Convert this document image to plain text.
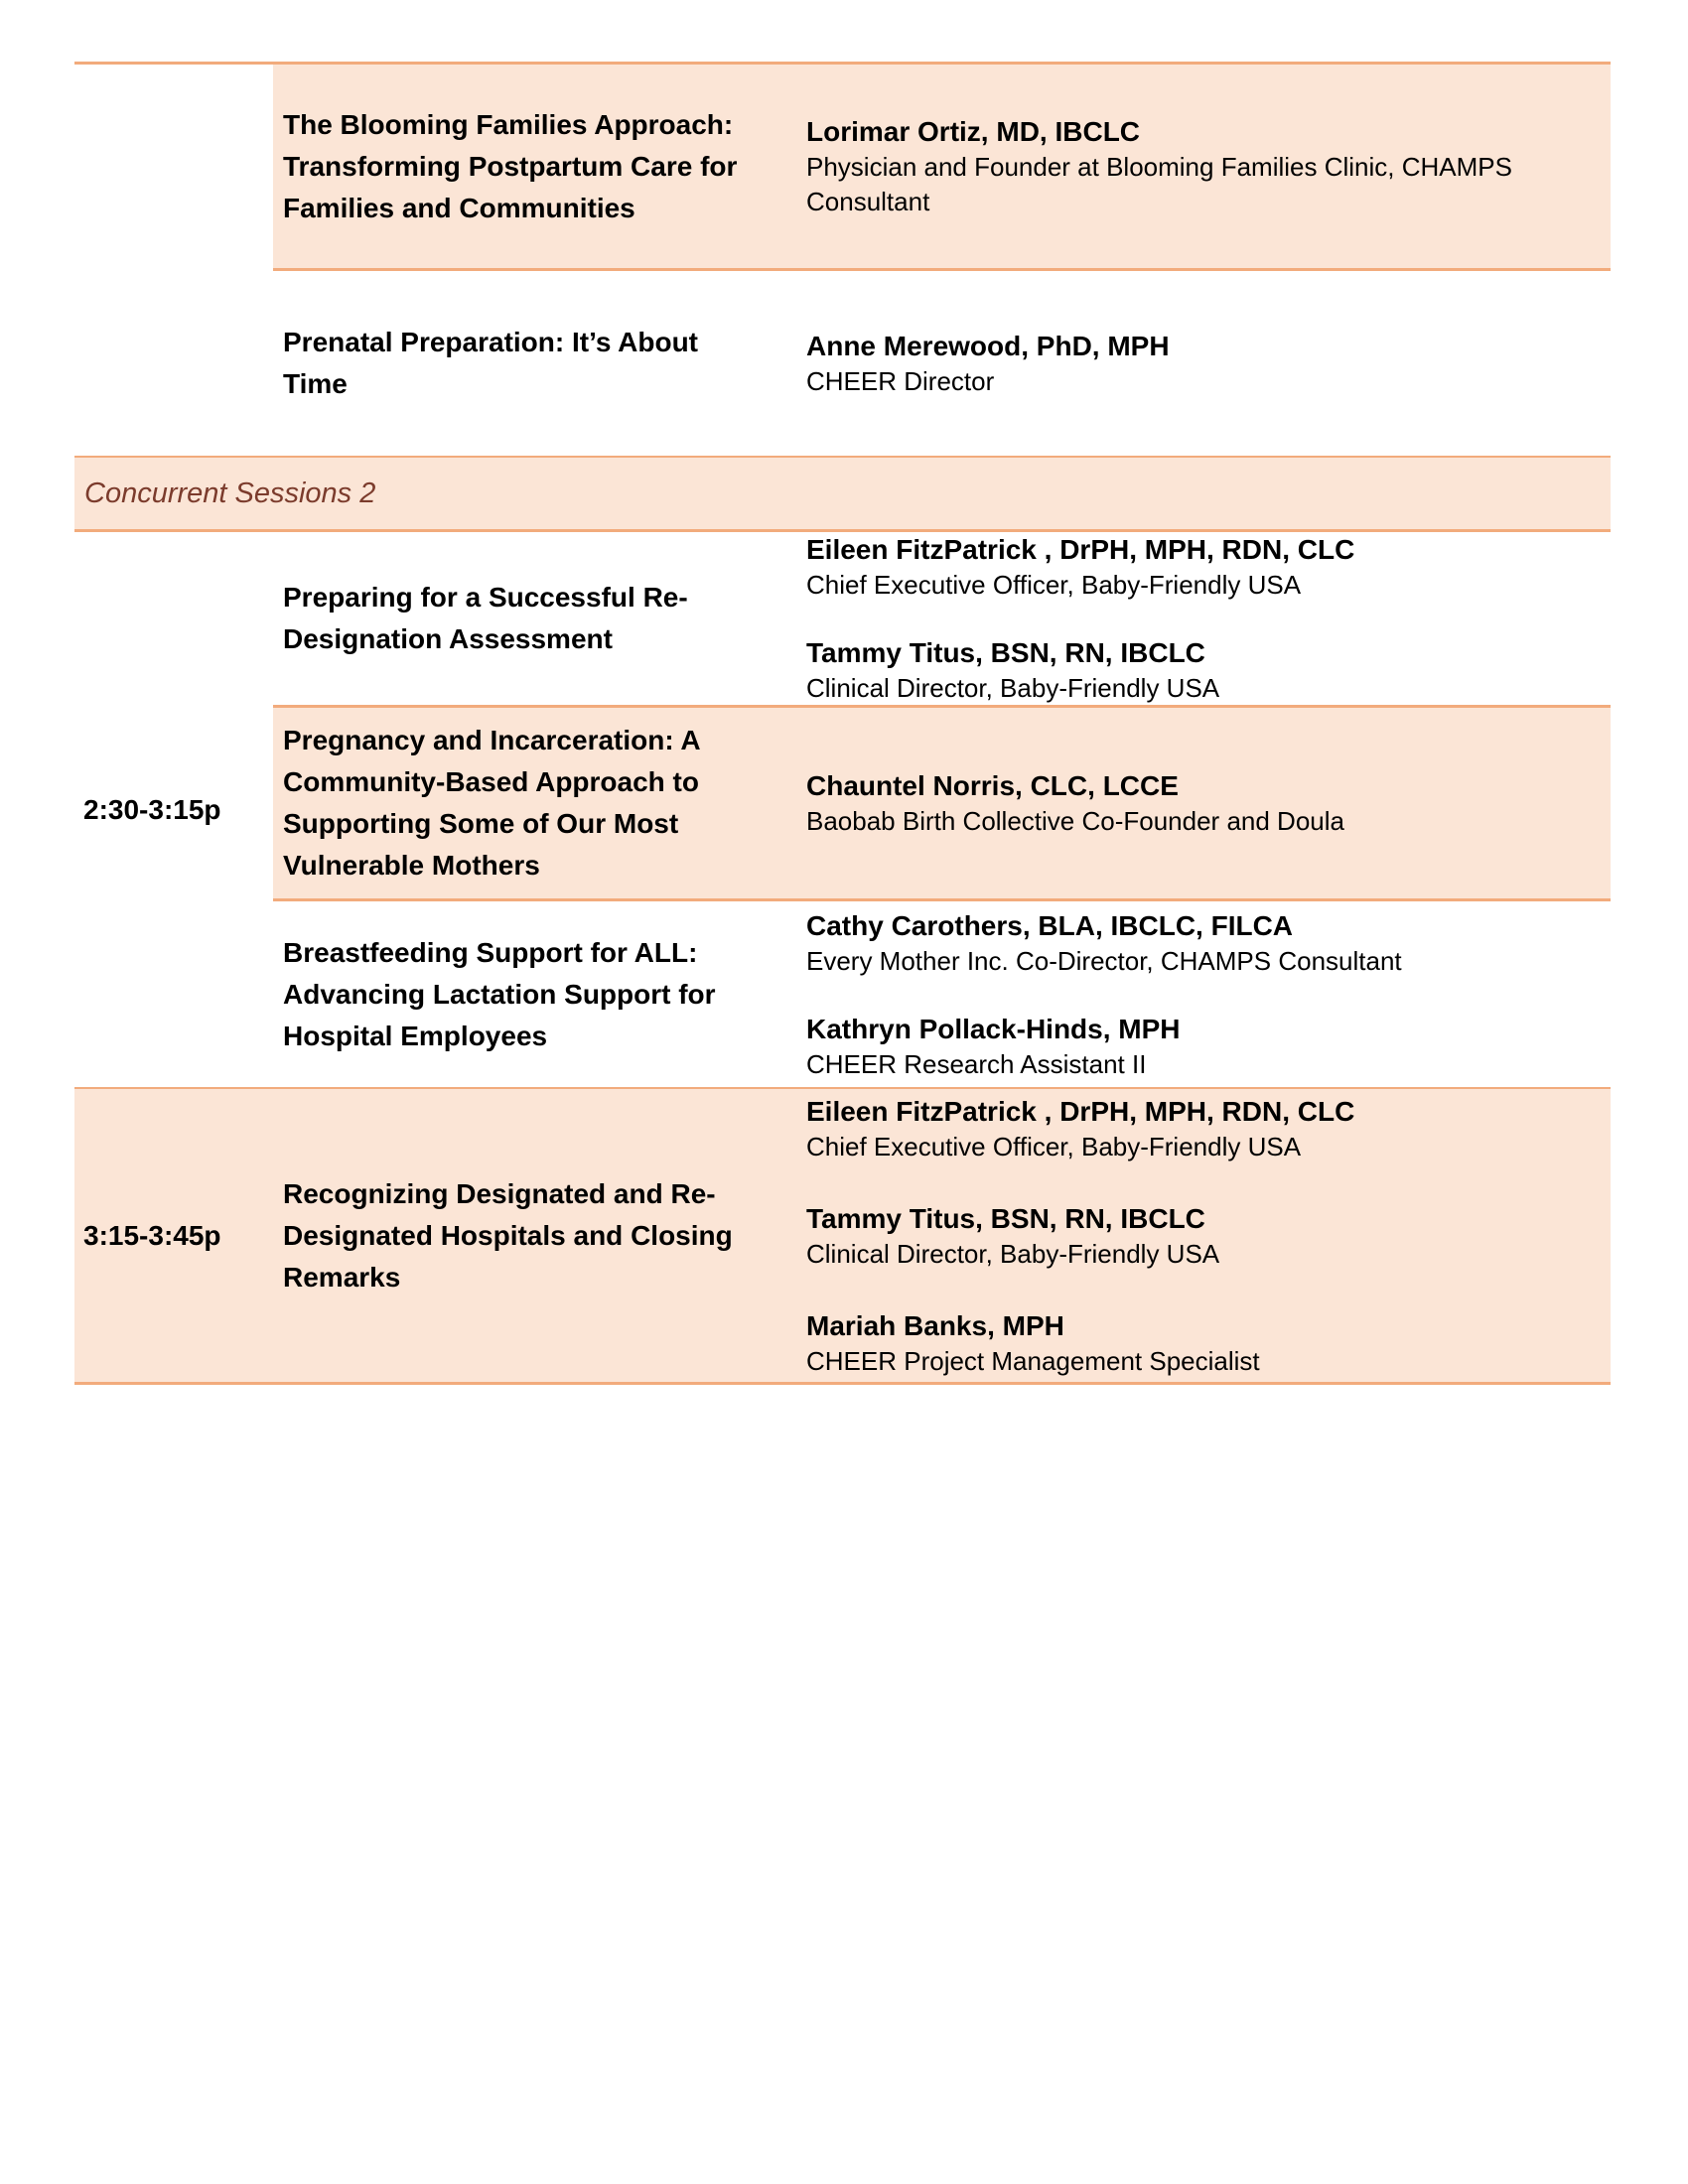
The Blooming Families Approach: Transforming Postpartum Care for Families and Communities
Lorimar Ortiz, MD, IBCLC
Physician and Founder at Blooming Families Clinic, CHAMPS Consultant
Prenatal Preparation: It’s About Time
Anne Merewood, PhD, MPH
CHEER Director
Concurrent Sessions 2
2:30-3:15p
Preparing for a Successful Re-Designation Assessment
Eileen FitzPatrick , DrPH, MPH, RDN, CLC
Chief Executive Officer, Baby-Friendly USA
Tammy Titus, BSN, RN, IBCLC
Clinical Director, Baby-Friendly USA
Pregnancy and Incarceration: A Community-Based Approach to Supporting Some of Our Most Vulnerable Mothers
Chauntel Norris, CLC, LCCE
Baobab Birth Collective Co-Founder and Doula
Breastfeeding Support for ALL: Advancing Lactation Support for Hospital Employees
Cathy Carothers, BLA, IBCLC, FILCA
Every Mother Inc. Co-Director, CHAMPS Consultant
Kathryn Pollack-Hinds, MPH
CHEER Research Assistant II
3:15-3:45p
Recognizing Designated and Re-Designated Hospitals and Closing Remarks
Eileen FitzPatrick , DrPH, MPH, RDN, CLC
Chief Executive Officer, Baby-Friendly USA
Tammy Titus, BSN, RN, IBCLC
Clinical Director, Baby-Friendly USA
Mariah Banks, MPH
CHEER Project Management Specialist
